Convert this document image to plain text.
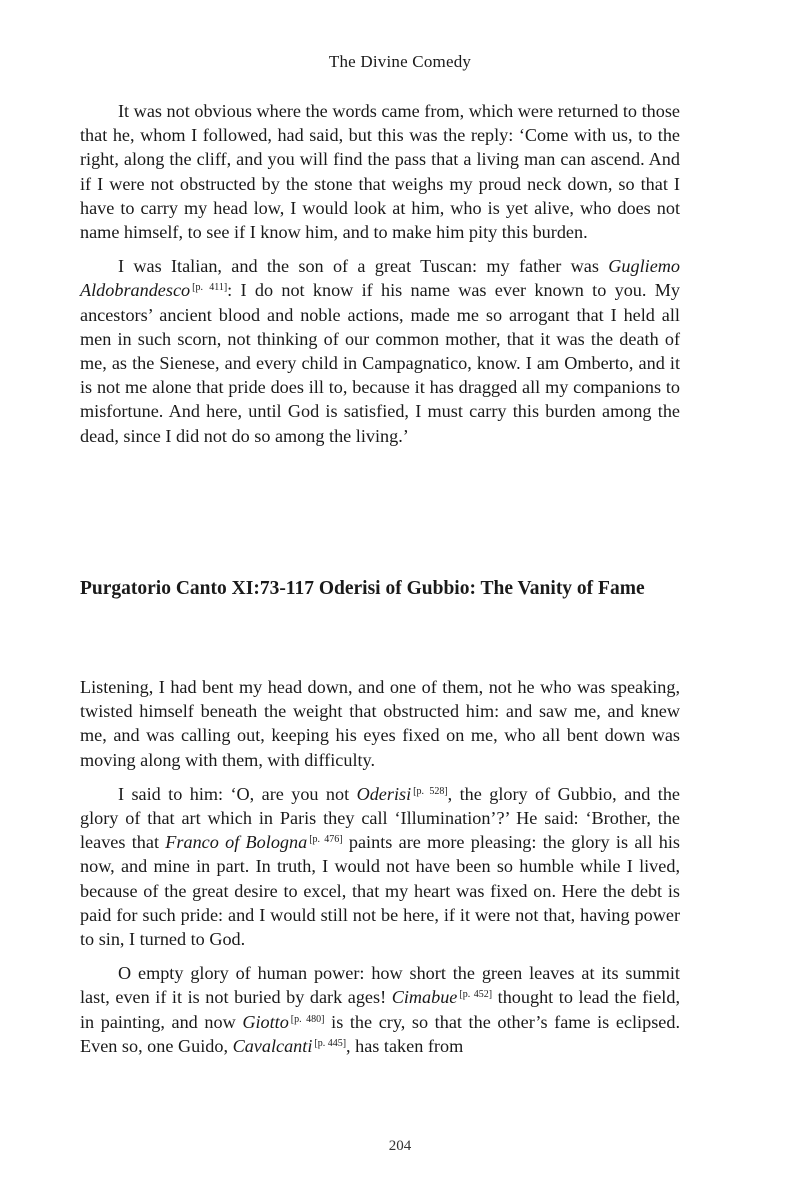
The Divine Comedy

It was not obvious where the words came from, which were returned to those that he, whom I followed, had said, but this was the reply: ‘Come with us, to the right, along the cliff, and you will find the pass that a living man can ascend. And if I were not obstructed by the stone that weighs my proud neck down, so that I have to carry my head low, I would look at him, who is yet alive, who does not name himself, to see if I know him, and to make him pity this burden.

I was Italian, and the son of a great Tuscan: my father was Gugliemo Aldobrandesco [p. 411]: I do not know if his name was ever known to you. My ancestors’ ancient blood and noble actions, made me so arrogant that I held all men in such scorn, not thinking of our common mother, that it was the death of me, as the Sienese, and every child in Campagnatico, know. I am Omberto, and it is not me alone that pride does ill to, because it has dragged all my companions to misfortune. And here, until God is satisfied, I must carry this burden among the dead, since I did not do so among the living.’

Purgatorio Canto XI:73-117 Oderisi of Gubbio: The Vanity of Fame

Listening, I had bent my head down, and one of them, not he who was speaking, twisted himself beneath the weight that obstructed him: and saw me, and knew me, and was calling out, keeping his eyes fixed on me, who all bent down was moving along with them, with difficulty.

I said to him: ‘O, are you not Oderisi [p. 528], the glory of Gubbio, and the glory of that art which in Paris they call ‘Illumination’?’ He said: ‘Brother, the leaves that Franco of Bologna [p. 476] paints are more pleasing: the glory is all his now, and mine in part. In truth, I would not have been so humble while I lived, because of the great desire to excel, that my heart was fixed on. Here the debt is paid for such pride: and I would still not be here, if it were not that, having power to sin, I turned to God.

O empty glory of human power: how short the green leaves at its summit last, even if it is not buried by dark ages! Cimabue [p. 452] thought to lead the field, in painting, and now Giotto [p. 480] is the cry, so that the other’s fame is eclipsed. Even so, one Guido, Cavalcanti [p. 445], has taken from

204
